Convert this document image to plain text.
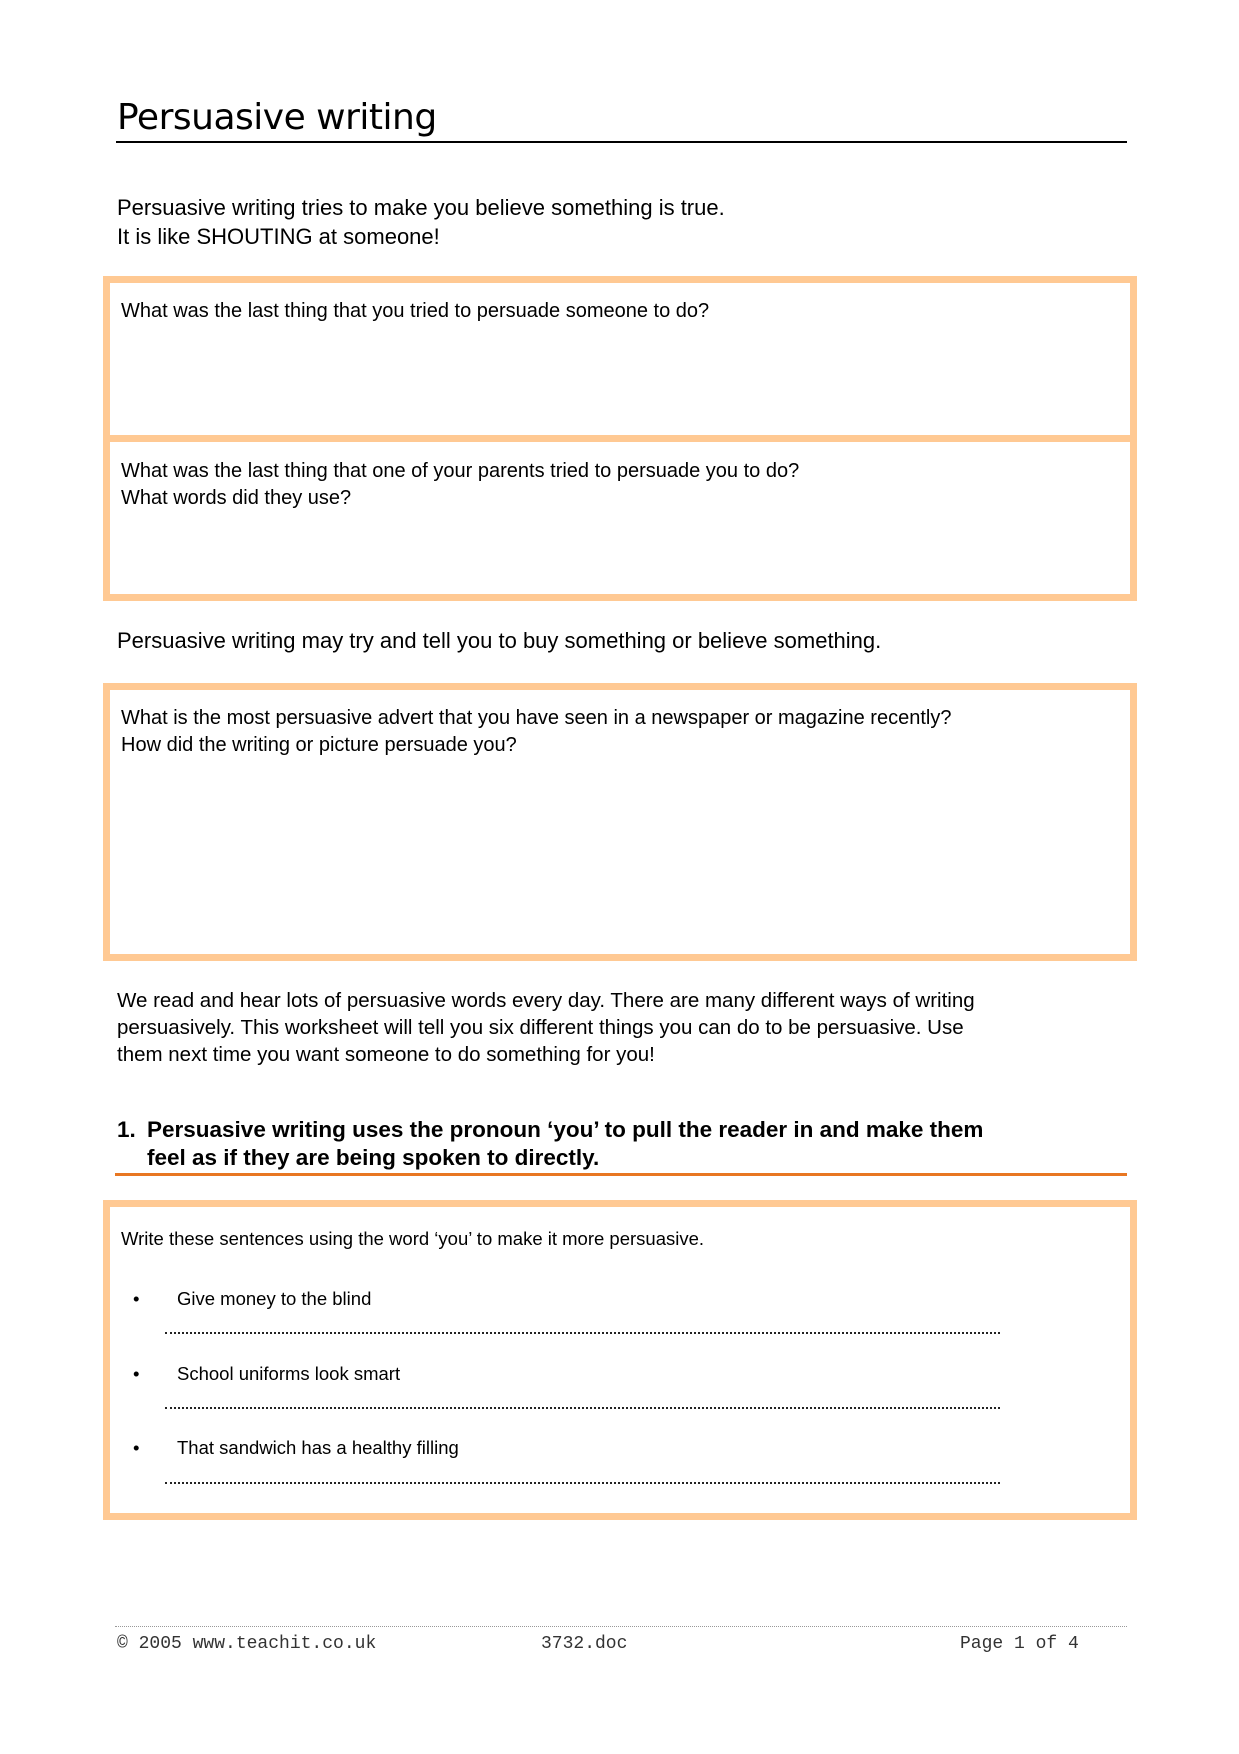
Persuasive writing
Persuasive writing tries to make you believe something is true.
It is like SHOUTING at someone!
What was the last thing that you tried to persuade someone to do?
What was the last thing that one of your parents tried to persuade you to do?
What words did they use?
Persuasive writing may try and tell you to buy something or believe something.
What is the most persuasive advert that you have seen in a newspaper or magazine recently?
How did the writing or picture persuade you?
We read and hear lots of persuasive words every day. There are many different ways of writing
persuasively. This worksheet will tell you six different things you can do to be persuasive. Use
them next time you want someone to do something for you!
1. Persuasive writing uses the pronoun ‘you’ to pull the reader in and make them
feel as if they are being spoken to directly.
Write these sentences using the word ‘you’ to make it more persuasive.
• Give money to the blind
• School uniforms look smart
• That sandwich has a healthy filling
© 2005 www.teachit.co.uk	3732.doc	Page 1 of 4
